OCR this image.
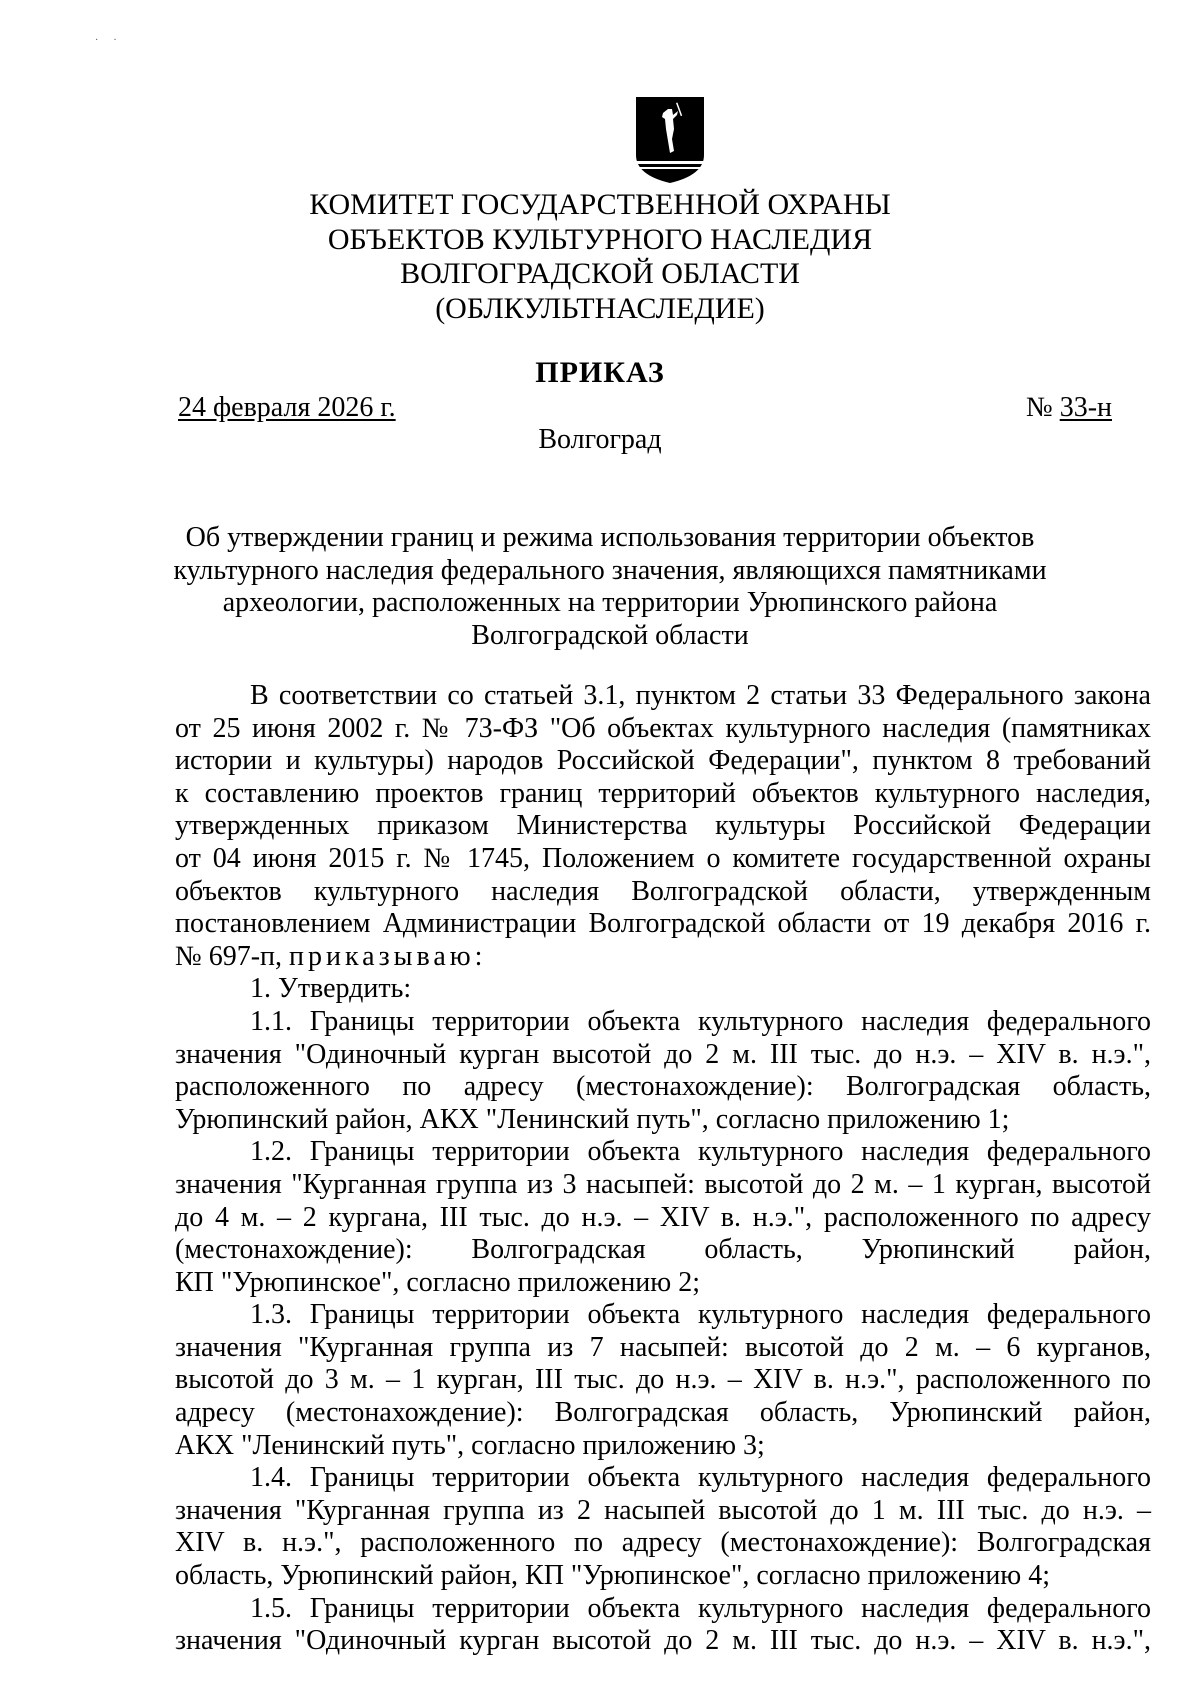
·      ·
КОМИТЕТ ГОСУДАРСТВЕННОЙ ОХРАНЫ
ОБЪЕКТОВ КУЛЬТУРНОГО НАСЛЕДИЯ
ВОЛГОГРАДСКОЙ ОБЛАСТИ
(ОБЛКУЛЬТНАСЛЕДИЕ)
ПРИКАЗ
24 февраля 2026 г.	№ 33-н
Волгоград
Об утверждении границ и режима использования территории объектов
культурного наследия федерального значения, являющихся памятниками
археологии, расположенных на территории Урюпинского района
Волгоградской области
В соответствии со статьей 3.1, пунктом 2 статьи 33 Федерального закона
от 25 июня 2002 г. № 73-ФЗ "Об объектах культурного наследия (памятниках
истории и культуры) народов Российской Федерации", пунктом 8 требований
к составлению проектов границ территорий объектов культурного наследия,
утвержденных приказом Министерства культуры Российской Федерации
от 04 июня 2015 г. № 1745, Положением о комитете государственной охраны
объектов культурного наследия Волгоградской области, утвержденным
постановлением Администрации Волгоградской области от 19 декабря 2016 г.
№ 697-п, приказываю:
1. Утвердить:
1.1. Границы территории объекта культурного наследия федерального
значения "Одиночный курган высотой до 2 м. III тыс. до н.э. – XIV в. н.э.",
расположенного по адресу (местонахождение): Волгоградская область,
Урюпинский район, АКХ "Ленинский путь", согласно приложению 1;
1.2. Границы территории объекта культурного наследия федерального
значения "Курганная группа из 3 насыпей: высотой до 2 м. – 1 курган, высотой
до 4 м. – 2 кургана, III тыс. до н.э. – XIV в. н.э.", расположенного по адресу
(местонахождение): Волгоградская область, Урюпинский район,
КП "Урюпинское", согласно приложению 2;
1.3. Границы территории объекта культурного наследия федерального
значения "Курганная группа из 7 насыпей: высотой до 2 м. – 6 курганов,
высотой до 3 м. – 1 курган, III тыс. до н.э. – XIV в. н.э.", расположенного по
адресу (местонахождение): Волгоградская область, Урюпинский район,
АКХ "Ленинский путь", согласно приложению 3;
1.4. Границы территории объекта культурного наследия федерального
значения "Курганная группа из 2 насыпей высотой до 1 м. III тыс. до н.э. –
XIV в. н.э.", расположенного по адресу (местонахождение): Волгоградская
область, Урюпинский район, КП "Урюпинское", согласно приложению 4;
1.5. Границы территории объекта культурного наследия федерального
значения "Одиночный курган высотой до 2 м. III тыс. до н.э. – XIV в. н.э.",
